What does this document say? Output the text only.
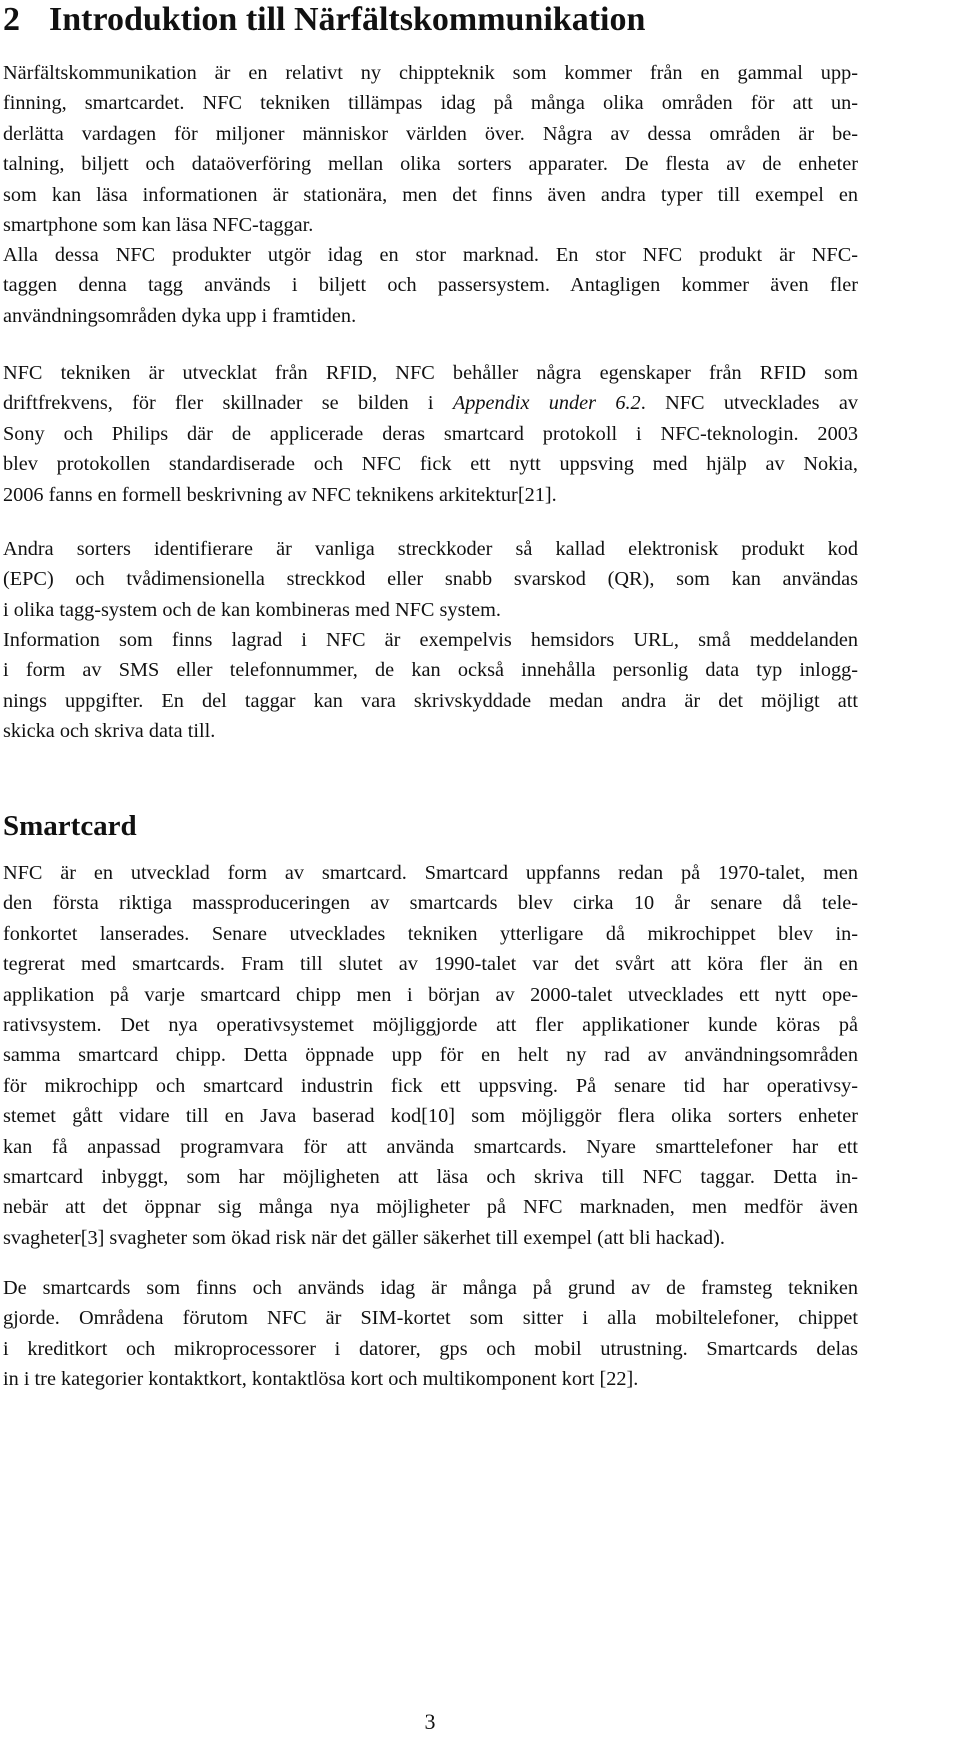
2 Introduktion till Närfältskommunikation

Närfältskommunikation är en relativt ny chippteknik som kommer från en gammal upp-
finning, smartcardet. NFC tekniken tillämpas idag på många olika områden för att un-
derlätta vardagen för miljoner människor världen över. Några av dessa områden är be-
talning, biljett och dataöverföring mellan olika sorters apparater. De flesta av de enheter
som kan läsa informationen är stationära, men det finns även andra typer till exempel en
smartphone som kan läsa NFC-taggar.

Alla dessa NFC produkter utgör idag en stor marknad. En stor NFC produkt är NFC-
taggen denna tagg används i biljett och passersystem. Antagligen kommer även fler
användningsområden dyka upp i framtiden.

NFC tekniken är utvecklat från RFID, NFC behåller några egenskaper från RFID som
driftfrekvens, för fler skillnader se bilden i Appendix under 6.2. NFC utvecklades av
Sony och Philips där de applicerade deras smartcard protokoll i NFC-teknologin. 2003
blev protokollen standardiserade och NFC fick ett nytt uppsving med hjälp av Nokia,
2006 fanns en formell beskrivning av NFC teknikens arkitektur[21].

Andra sorters identifierare är vanliga streckkoder så kallad elektronisk produkt kod
(EPC) och tvådimensionella streckkod eller snabb svarskod (QR), som kan användas
i olika tagg-system och de kan kombineras med NFC system.

Information som finns lagrad i NFC är exempelvis hemsidors URL, små meddelanden
i form av SMS eller telefonnummer, de kan också innehålla personlig data typ inlogg-
nings uppgifter. En del taggar kan vara skrivskyddade medan andra är det möjligt att
skicka och skriva data till.

Smartcard

NFC är en utvecklad form av smartcard. Smartcard uppfanns redan på 1970-talet, men
den första riktiga massproduceringen av smartcards blev cirka 10 år senare då tele-
fonkortet lanserades. Senare utvecklades tekniken ytterligare då mikrochippet blev in-
tegrerat med smartcards. Fram till slutet av 1990-talet var det svårt att köra fler än en
applikation på varje smartcard chipp men i början av 2000-talet utvecklades ett nytt ope-
rativsystem. Det nya operativsystemet möjliggjorde att fler applikationer kunde köras på
samma smartcard chipp. Detta öppnade upp för en helt ny rad av användningsområden
för mikrochipp och smartcard industrin fick ett uppsving. På senare tid har operativsy-
stemet gått vidare till en Java baserad kod[10] som möjliggör flera olika sorters enheter
kan få anpassad programvara för att använda smartcards. Nyare smarttelefoner har ett
smartcard inbyggt, som har möjligheten att läsa och skriva till NFC taggar. Detta in-
nebär att det öppnar sig många nya möjligheter på NFC marknaden, men medför även
svagheter[3] svagheter som ökad risk när det gäller säkerhet till exempel (att bli hackad).

De smartcards som finns och används idag är många på grund av de framsteg tekniken
gjorde. Områdena förutom NFC är SIM-kortet som sitter i alla mobiltelefoner, chippet
i kreditkort och mikroprocessorer i datorer, gps och mobil utrustning. Smartcards delas
in i tre kategorier kontaktkort, kontaktlösa kort och multikomponent kort [22].

3
